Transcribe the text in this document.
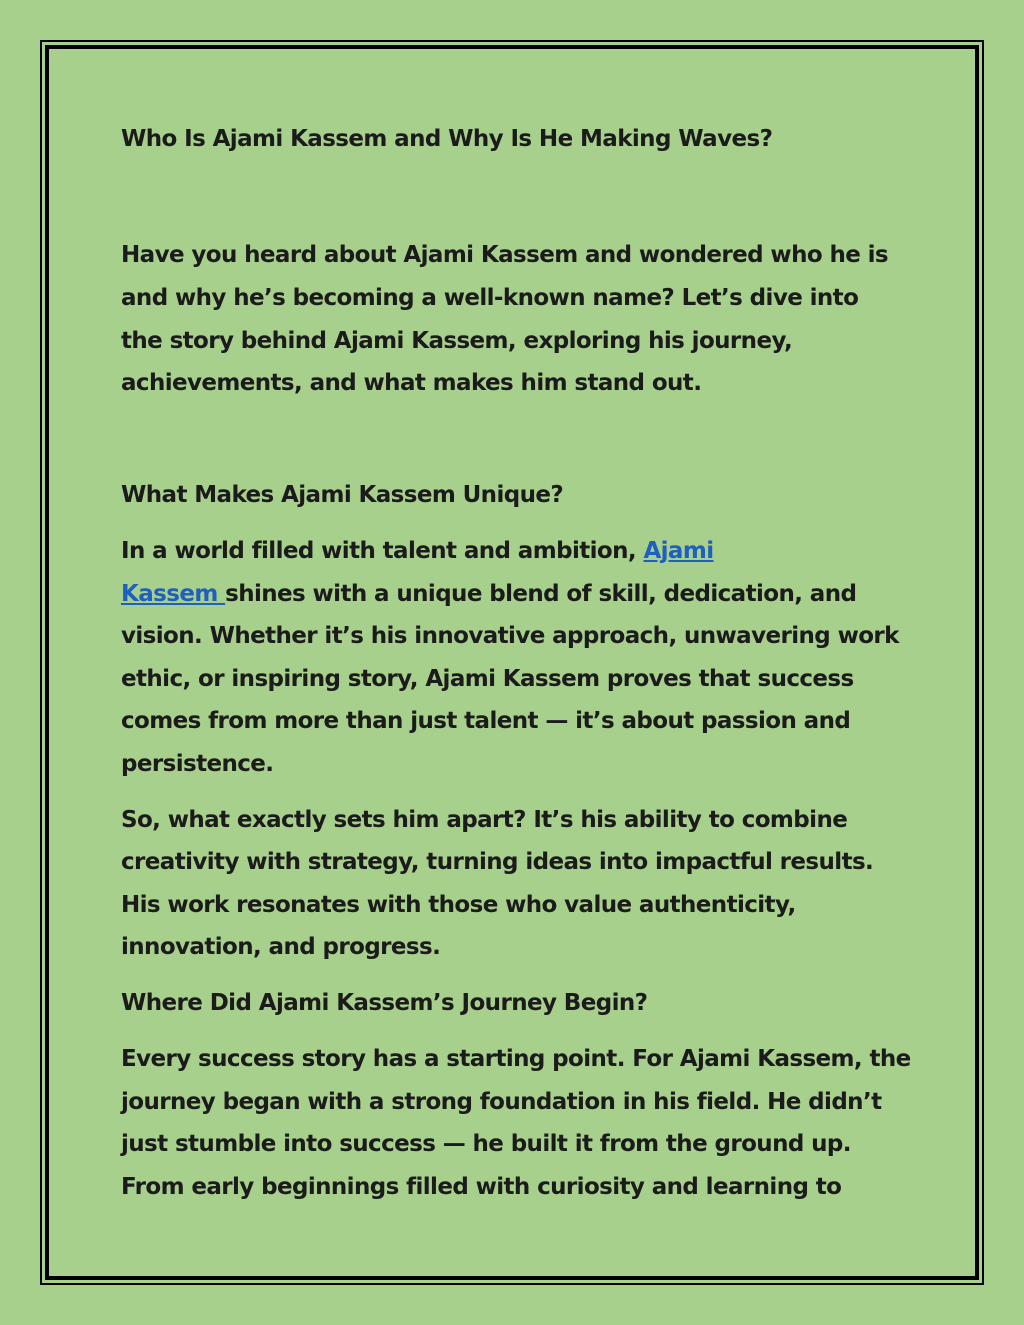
Who Is Ajami Kassem and Why Is He Making Waves?
Have you heard about Ajami Kassem and wondered who he is
and why he’s becoming a well-known name? Let’s dive into
the story behind Ajami Kassem, exploring his journey,
achievements, and what makes him stand out.
What Makes Ajami Kassem Unique?
In a world filled with talent and ambition, Ajami
Kassem shines with a unique blend of skill, dedication, and
vision. Whether it’s his innovative approach, unwavering work
ethic, or inspiring story, Ajami Kassem proves that success
comes from more than just talent — it’s about passion and
persistence.
So, what exactly sets him apart? It’s his ability to combine
creativity with strategy, turning ideas into impactful results.
His work resonates with those who value authenticity,
innovation, and progress.
Where Did Ajami Kassem’s Journey Begin?
Every success story has a starting point. For Ajami Kassem, the
journey began with a strong foundation in his field. He didn’t
just stumble into success — he built it from the ground up.
From early beginnings filled with curiosity and learning to
